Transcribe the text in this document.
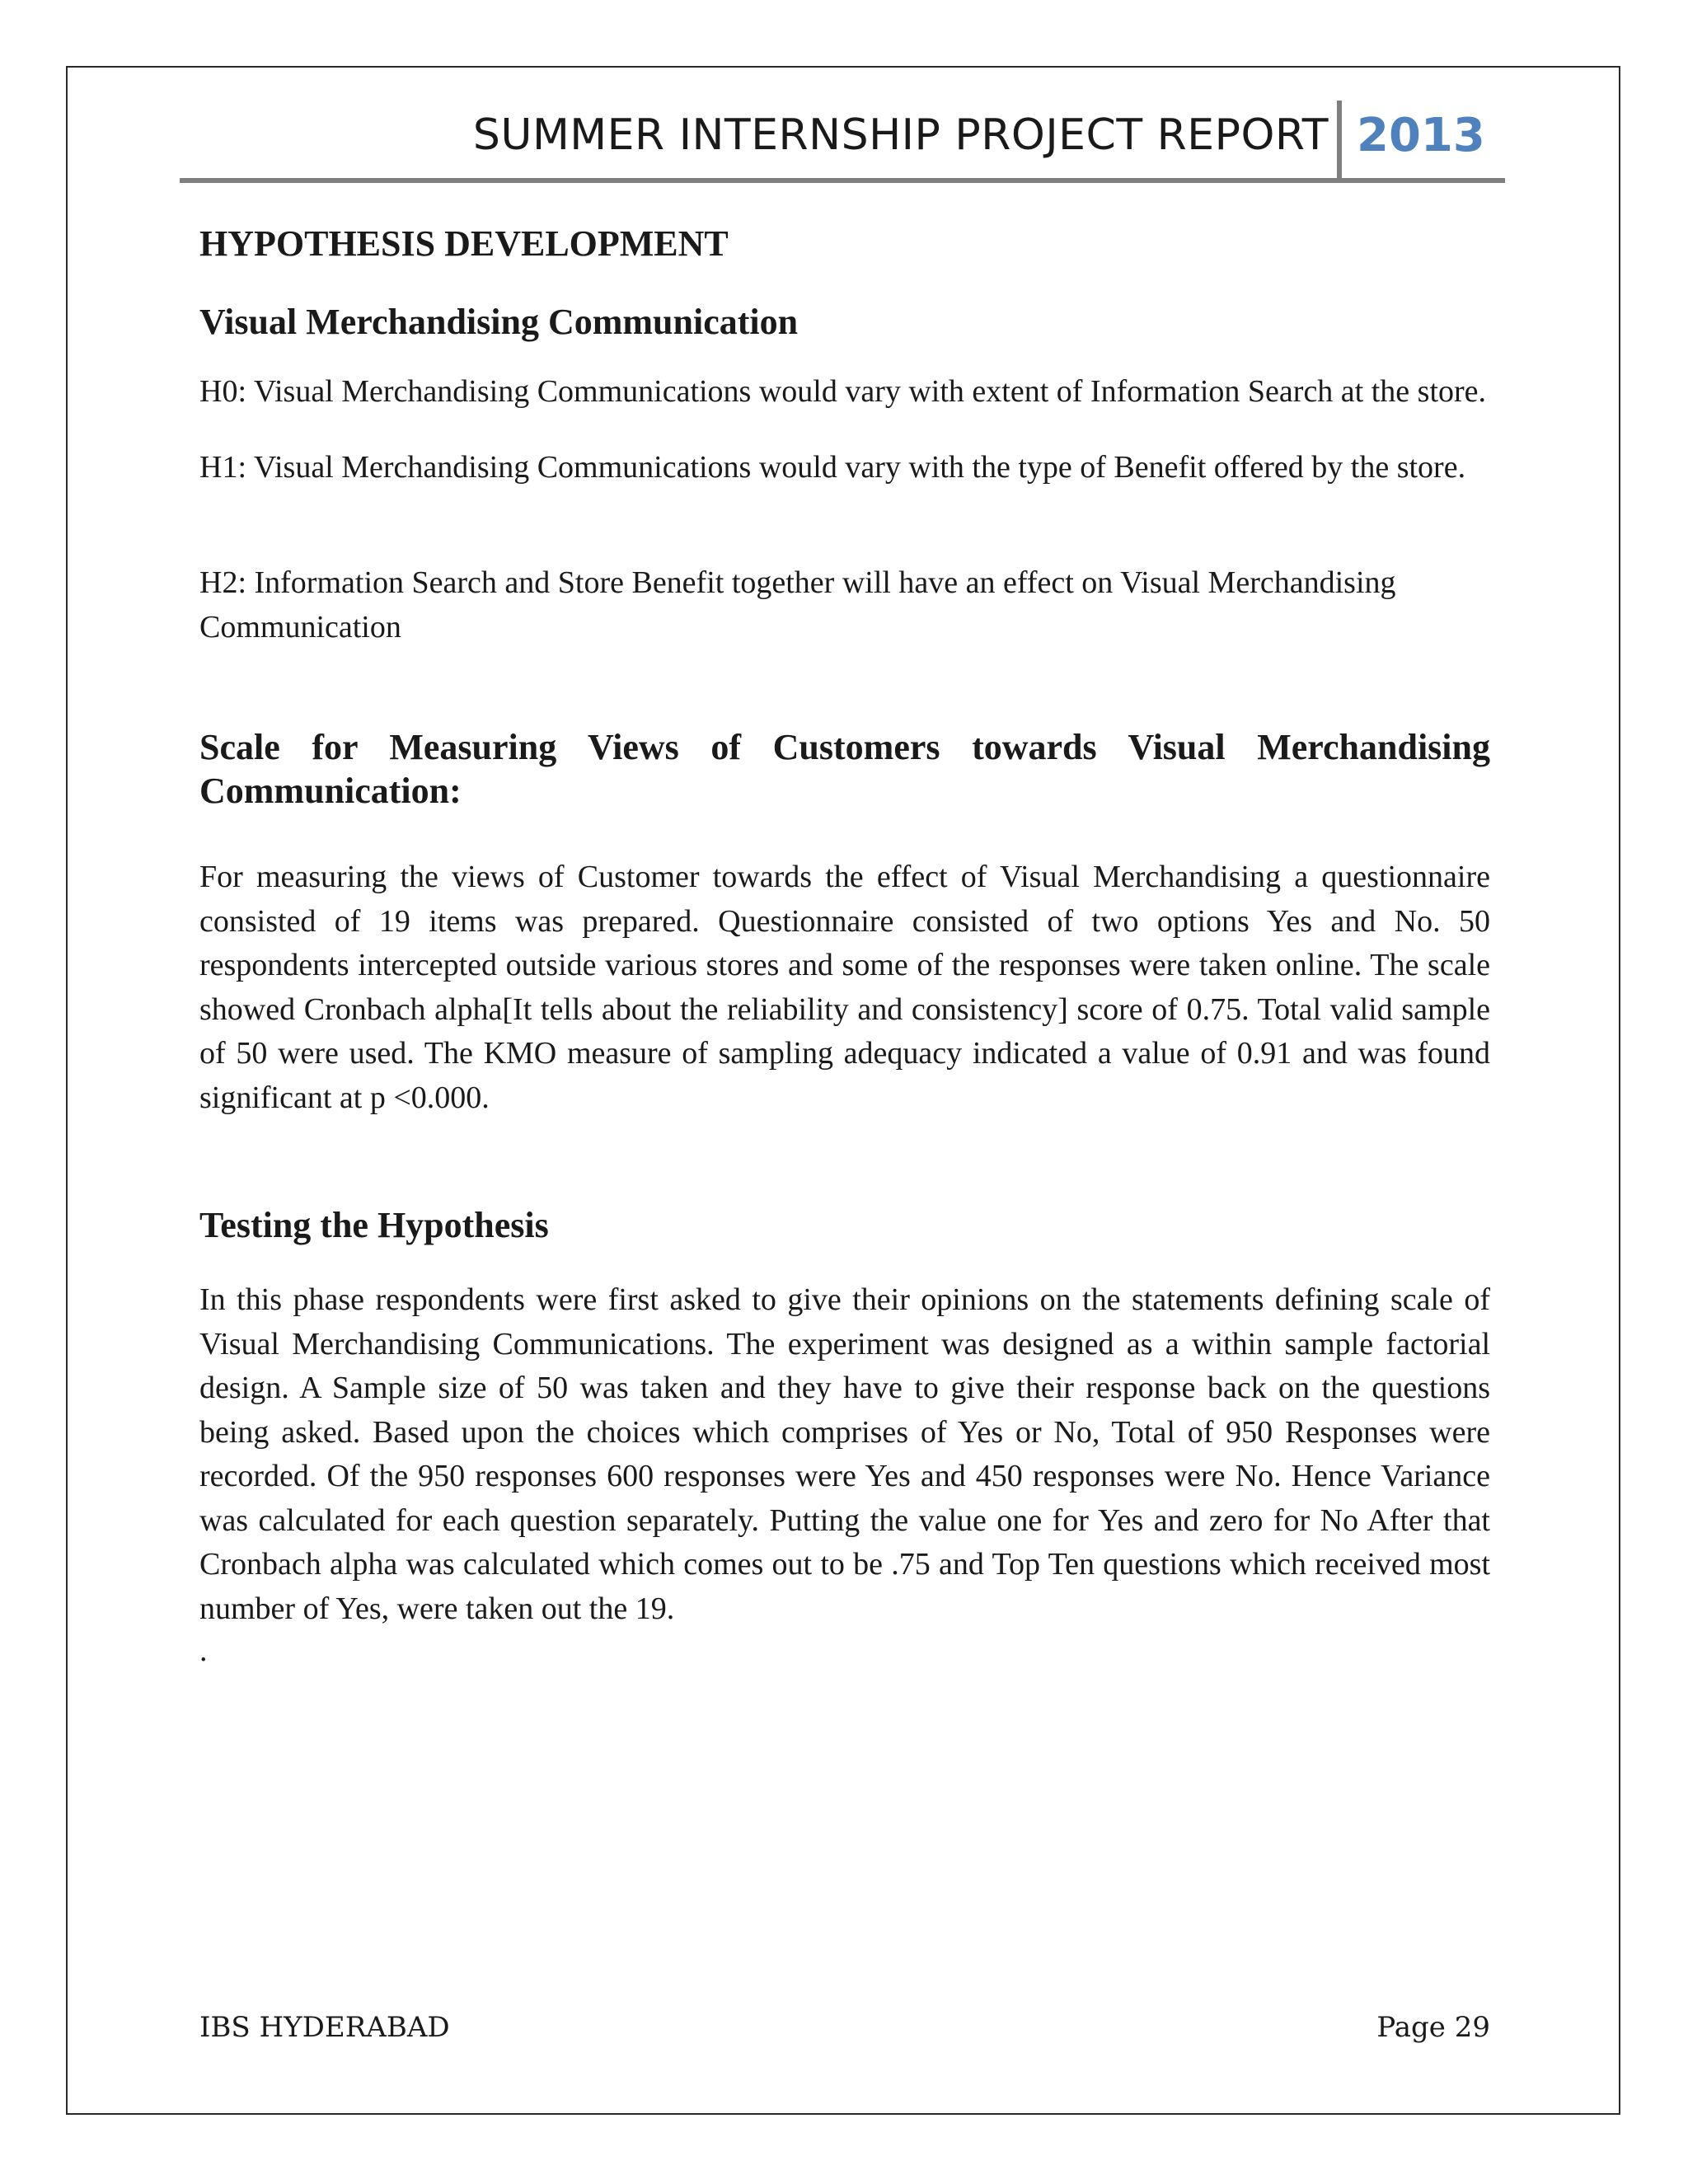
SUMMER INTERNSHIP PROJECT REPORT 2013
HYPOTHESIS DEVELOPMENT
Visual Merchandising Communication

H0: Visual Merchandising Communications would vary with extent of Information Search at the store.

H1: Visual Merchandising Communications would vary with the type of Benefit offered by the store.

H2: Information Search and Store Benefit together will have an effect on Visual Merchandising Communication

Scale for Measuring Views of Customers towards Visual Merchandising Communication:

For measuring the views of Customer towards the effect of Visual Merchandising a questionnaire consisted of 19 items was prepared. Questionnaire consisted of two options Yes and No. 50 respondents intercepted outside various stores and some of the responses were taken online. The scale showed Cronbach alpha[It tells about the reliability and consistency] score of 0.75. Total valid sample of 50 were used. The KMO measure of sampling adequacy indicated a value of 0.91 and was found significant at p <0.000.

Testing the Hypothesis

In this phase respondents were first asked to give their opinions on the statements defining scale of Visual Merchandising Communications. The experiment was designed as a within sample factorial design. A Sample size of 50 was taken and they have to give their response back on the questions being asked. Based upon the choices which comprises of Yes or No, Total of 950 Responses were recorded. Of the 950 responses 600 responses were Yes and 450 responses were No. Hence Variance was calculated for each question separately. Putting the value one for Yes and zero for No After that Cronbach alpha was calculated which comes out to be .75 and Top Ten questions which received most number of Yes, were taken out the 19.

.

IBS HYDERABAD	Page 29
